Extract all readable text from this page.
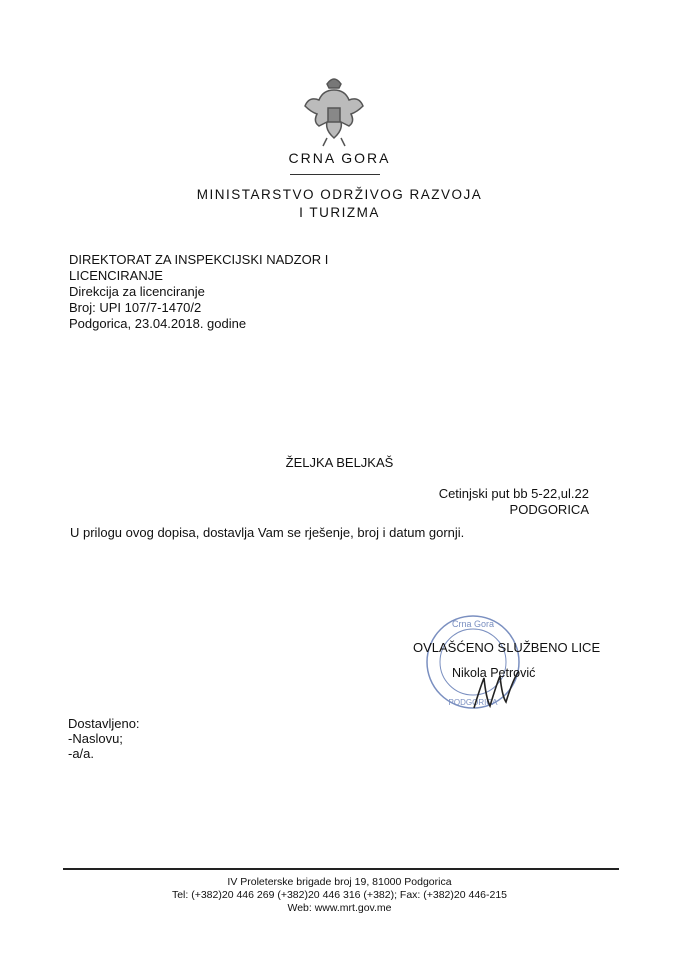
CRNA GORA
MINISTARSTVO ODRŽIVOG RAZVOJA
I TURIZMA
DIREKTORAT ZA INSPEKCIJSKI NADZOR I
LICENCIRANJE
Direkcija za licenciranje
Broj: UPI 107/7-1470/2
Podgorica, 23.04.2018. godine
ŽELJKA BELJKAŠ
Cetinjski put bb 5-22,ul.22
PODGORICA
U prilogu ovog dopisa, dostavlja Vam se rješenje, broj i datum gornji.
Crna Gora
PODGORICA
OVLAŠĆENO SLUŽBENO LICE
Nikola Petrović
Dostavljeno:
-Naslovu;
-a/a.
IV Proleterske brigade broj 19, 81000 Podgorica
Tel: (+382)20 446 269 (+382)20 446 316 (+382); Fax: (+382)20 446-215
Web: www.mrt.gov.me
